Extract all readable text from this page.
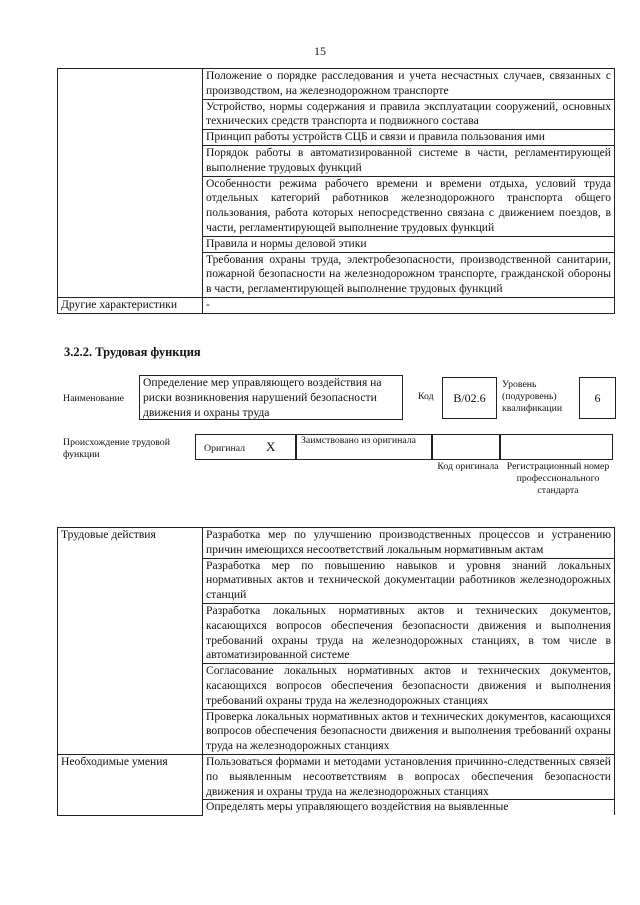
15
	Положение о порядке расследования и учета несчастных случаев, связанных с производством, на железнодорожном транспорте
	Устройство, нормы содержания и правила эксплуатации сооружений, основных технических средств транспорта и подвижного состава
	Принцип работы устройств СЦБ и связи и правила пользования ими
	Порядок работы в автоматизированной системе в части, регламентирующей выполнение трудовых функций
	Особенности режима рабочего времени и времени отдыха, условий труда отдельных категорий работников железнодорожного транспорта общего пользования, работа которых непосредственно связана с движением поездов, в части, регламентирующей выполнение трудовых функций
	Правила и нормы деловой этики
	Требования охраны труда, электробезопасности, производственной санитарии, пожарной безопасности на железнодорожном транспорте, гражданской обороны в части, регламентирующей выполнение трудовых функций
Другие характеристики	-
3.2.2. Трудовая функция
Наименование
Определение мер управляющего воздействия на риски возникновения нарушений безопасности движения и охраны труда
Код	B/02.6
Уровень (подуровень) квалификации
6
Происхождение трудовой функции
Оригинал X	Заимствовано из оригинала
Код оригинала Регистрационный номер профессионального стандарта
Трудовые действия	Разработка мер по улучшению производственных процессов и устранению причин имеющихся несоответствий локальным нормативным актам
	Разработка мер по повышению навыков и уровня знаний локальных нормативных актов и технической документации работников железнодорожных станций
	Разработка локальных нормативных актов и технических документов, касающихся вопросов обеспечения безопасности движения и выполнения требований охраны труда на железнодорожных станциях, в том числе в автоматизированной системе
	Согласование локальных нормативных актов и технических документов, касающихся вопросов обеспечения безопасности движения и выполнения требований охраны труда на железнодорожных станциях
	Проверка локальных нормативных актов и технических документов, касающихся вопросов обеспечения безопасности движения и выполнения требований охраны труда на железнодорожных станциях
Необходимые умения	Пользоваться формами и методами установления причинно-следственных связей по выявленным несоответствиям в вопросах обеспечения безопасности движения и охраны труда на железнодорожных станциях
	Определять меры управляющего воздействия на выявленные
